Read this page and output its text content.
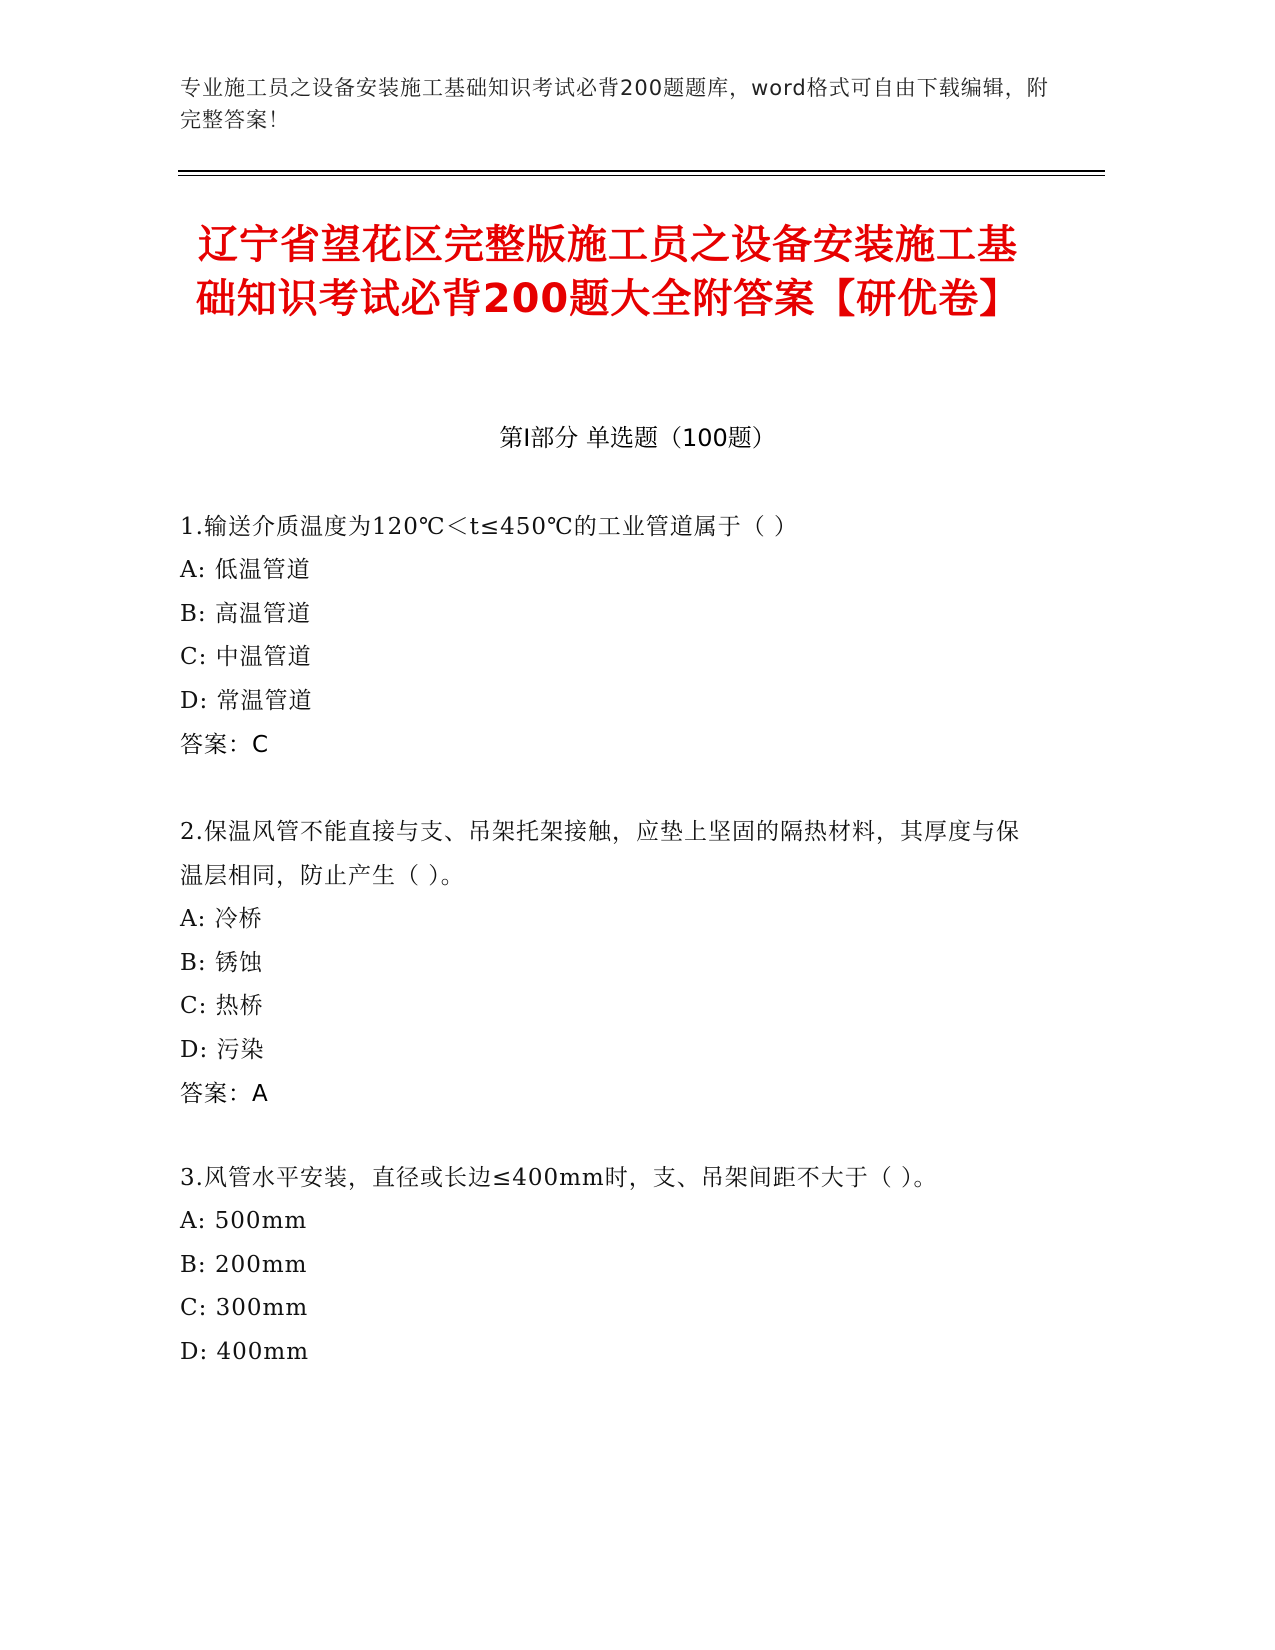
专业施工员之设备安装施工基础知识考试必背200题题库，word格式可自由下载编辑，附完整答案！
辽宁省望花区完整版施工员之设备安装施工基础知识考试必背200题大全附答案【研优卷】
第I部分 单选题（100题）
1.输送介质温度为120℃＜t≤450℃的工业管道属于（ ）
A: 低温管道
B: 高温管道
C: 中温管道
D: 常温管道
答案：C
2.保温风管不能直接与支、吊架托架接触，应垫上坚固的隔热材料，其厚度与保温层相同，防止产生（ ）。
A: 冷桥
B: 锈蚀
C: 热桥
D: 污染
答案：A
3.风管水平安装，直径或长边≤400mm时，支、吊架间距不大于（ ）。
A: 500mm
B: 200mm
C: 300mm
D: 400mm
